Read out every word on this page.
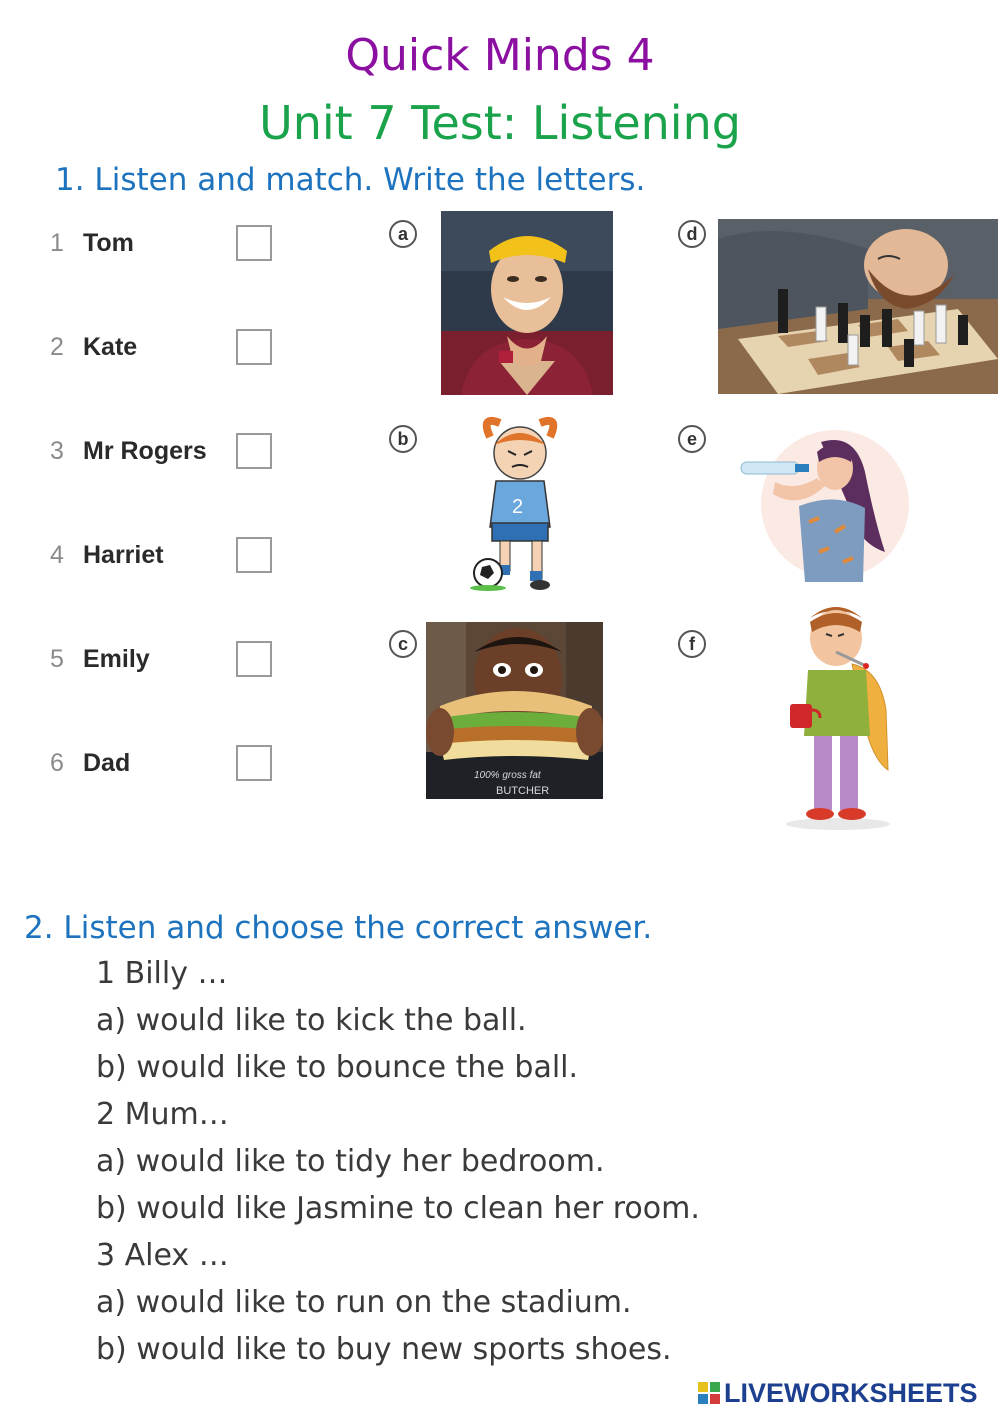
Quick Minds 4
Unit 7 Test: Listening
1. Listen and match. Write the letters.
1 Tom
2 Kate
3 Mr Rogers
4 Harriet
5 Emily
6 Dad
a
b
c
d
e
f
2
100% gross fat
BUTCHER
2. Listen and choose the correct answer.
1 Billy …
a) would like to kick the ball.
b) would like to bounce the ball.
2 Mum…
a) would like to tidy her bedroom.
b) would like Jasmine to clean her room.
3 Alex …
a) would like to run on the stadium.
b) would like to buy new sports shoes.
LIVEWORKSHEETS
